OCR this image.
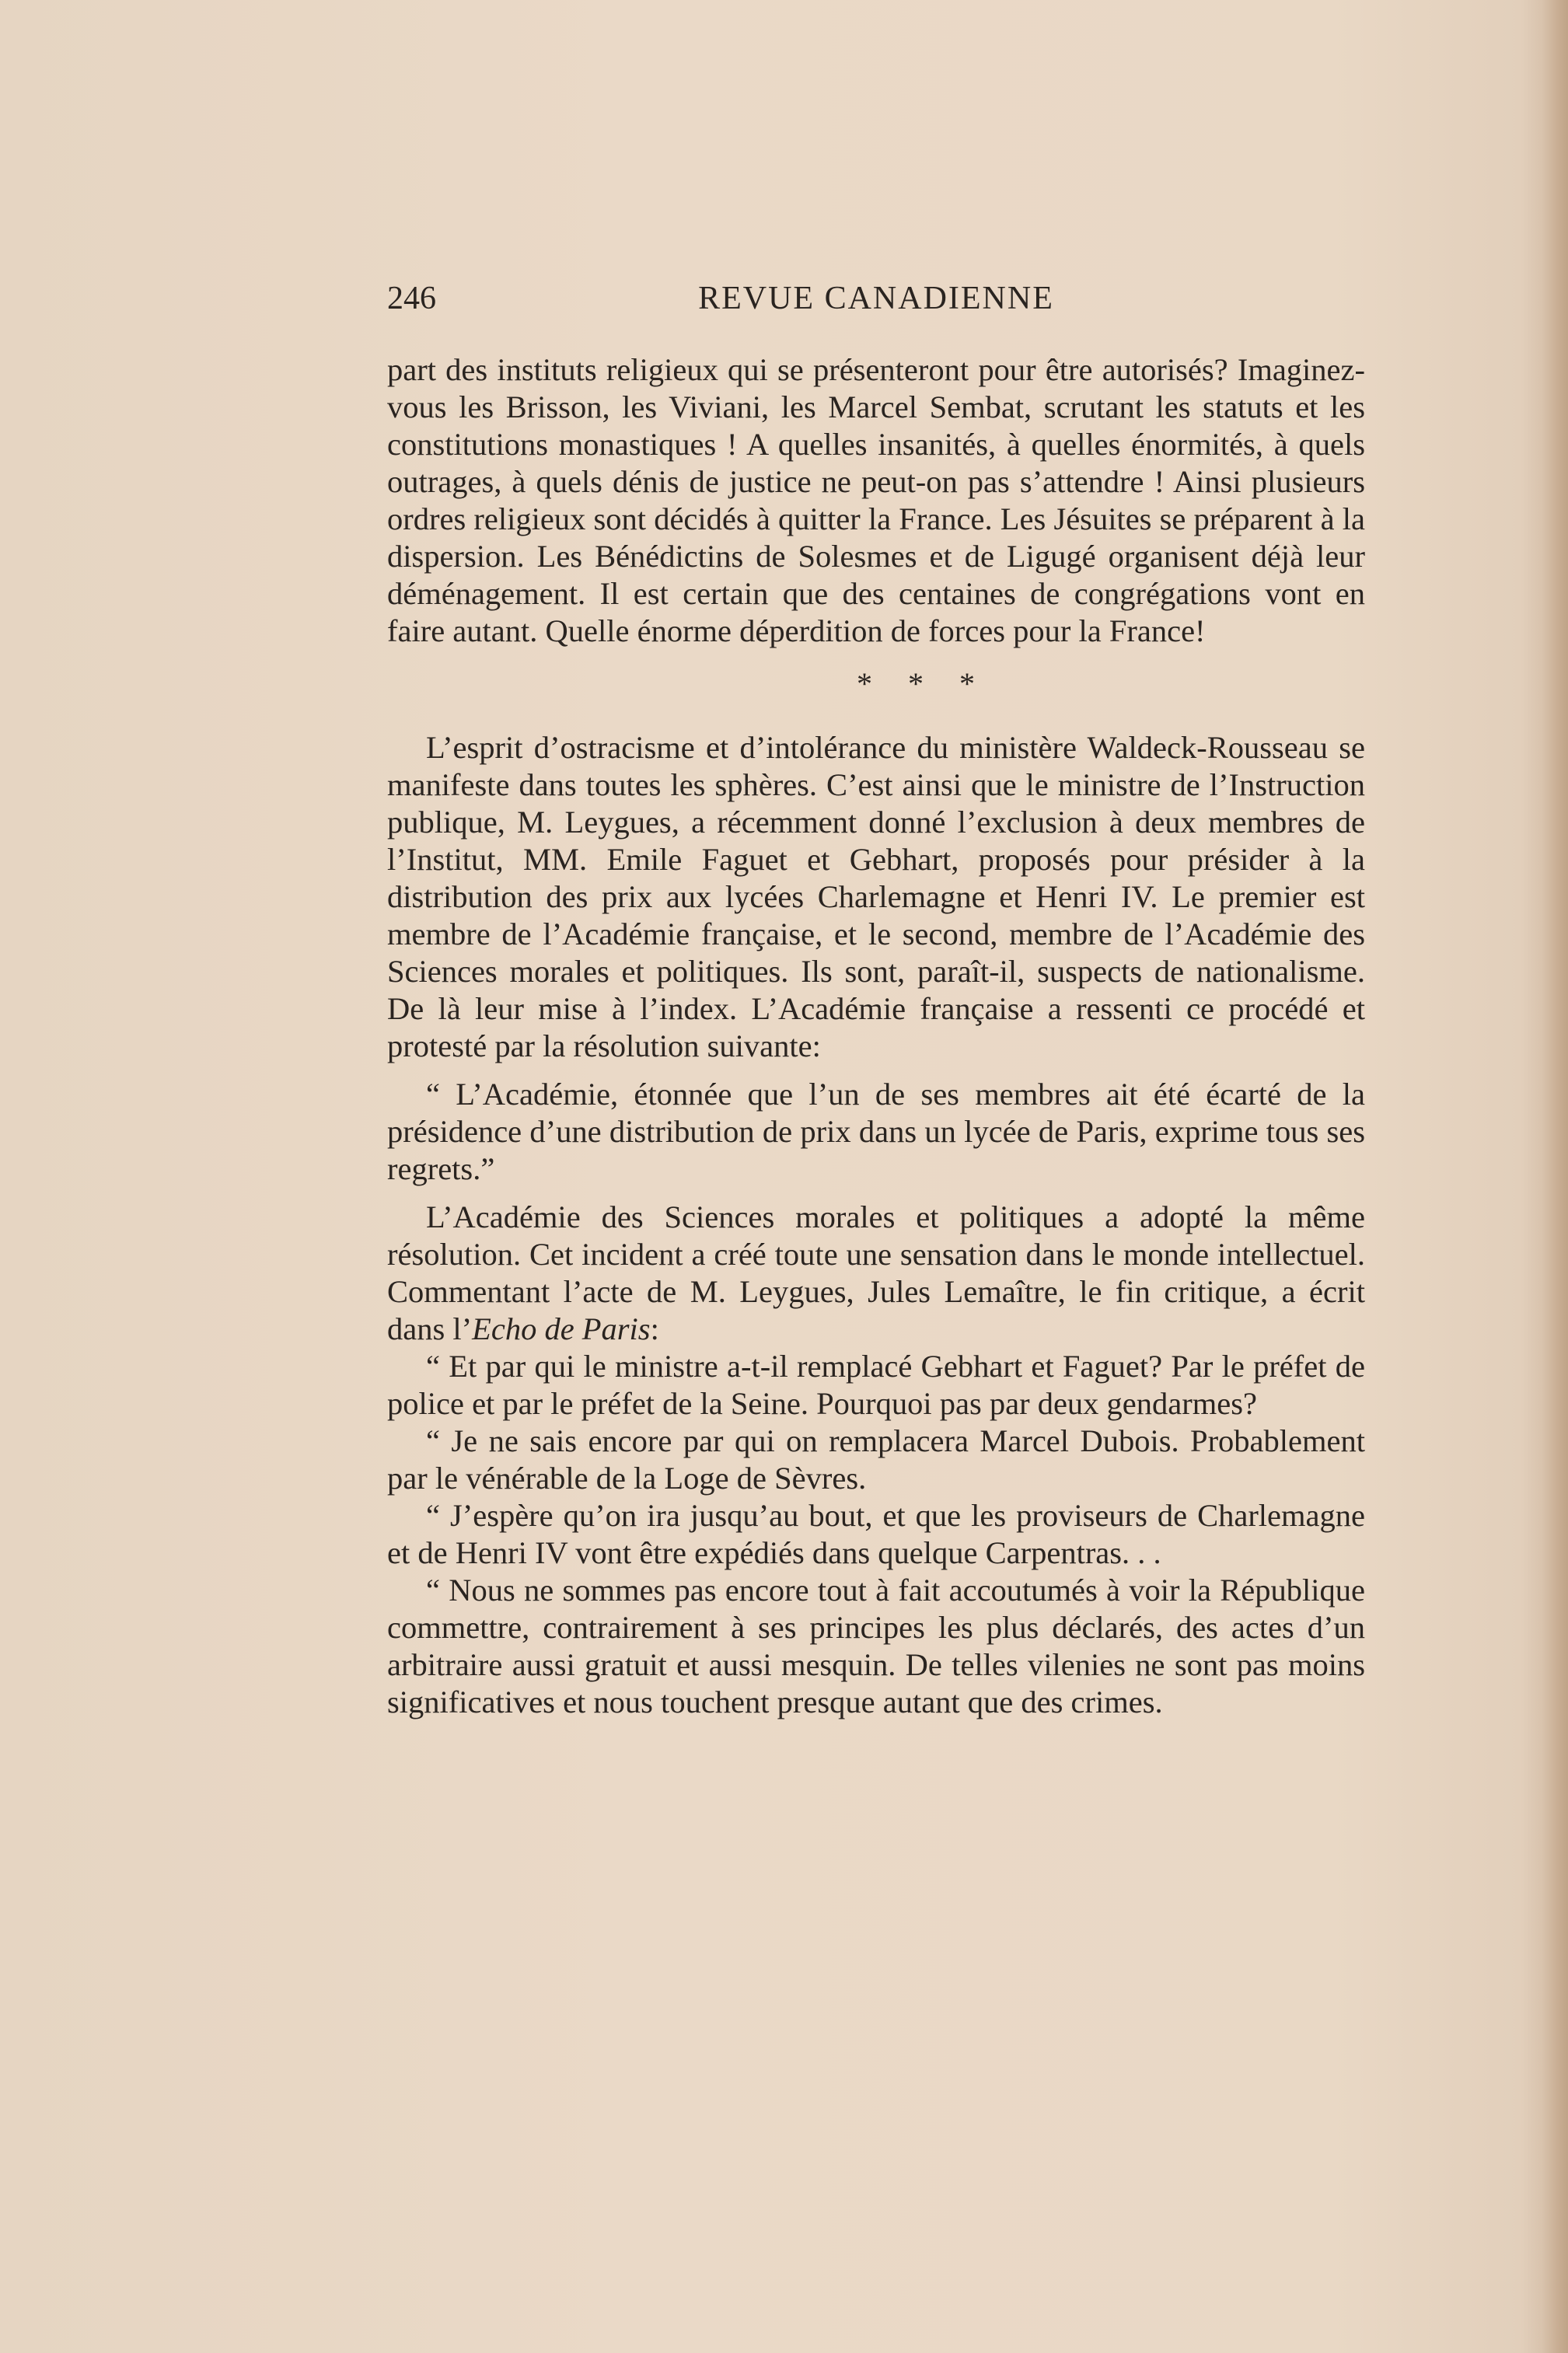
246	REVUE CANADIENNE

part des instituts religieux qui se présenteront pour être autorisés? Imaginez-vous les Brisson, les Viviani, les Marcel Sembat, scrutant les statuts et les constitutions monastiques ! A quelles insanités, à quelles énormités, à quels outrages, à quels dénis de justice ne peut-on pas s’attendre ! Ainsi plusieurs ordres religieux sont décidés à quitter la France. Les Jésuites se préparent à la dispersion. Les Bénédictins de Solesmes et de Ligugé organisent déjà leur déménagement. Il est certain que des centaines de congrégations vont en faire autant. Quelle énorme déperdition de forces pour la France!

* * *

L’esprit d’ostracisme et d’intolérance du ministère Waldeck-Rousseau se manifeste dans toutes les sphères. C’est ainsi que le ministre de l’Instruction publique, M. Leygues, a récemment donné l’exclusion à deux membres de l’Institut, MM. Emile Faguet et Gebhart, proposés pour présider à la distribution des prix aux lycées Charlemagne et Henri IV. Le premier est membre de l’Académie française, et le second, membre de l’Académie des Sciences morales et politiques. Ils sont, paraît-il, suspects de nationalisme. De là leur mise à l’index. L’Académie française a ressenti ce procédé et protesté par la résolution suivante:

“ L’Académie, étonnée que l’un de ses membres ait été écarté de la présidence d’une distribution de prix dans un lycée de Paris, exprime tous ses regrets.”

L’Académie des Sciences morales et politiques a adopté la même résolution. Cet incident a créé toute une sensation dans le monde intellectuel. Commentant l’acte de M. Leygues, Jules Lemaître, le fin critique, a écrit dans l’Echo de Paris:

“ Et par qui le ministre a-t-il remplacé Gebhart et Faguet? Par le préfet de police et par le préfet de la Seine. Pourquoi pas par deux gendarmes?

“ Je ne sais encore par qui on remplacera Marcel Dubois. Probablement par le vénérable de la Loge de Sèvres.

“ J’espère qu’on ira jusqu’au bout, et que les proviseurs de Charlemagne et de Henri IV vont être expédiés dans quelque Carpentras. . .

“ Nous ne sommes pas encore tout à fait accoutumés à voir la République commettre, contrairement à ses principes les plus déclarés, des actes d’un arbitraire aussi gratuit et aussi mesquin. De telles vilenies ne sont pas moins significatives et nous touchent presque autant que des crimes.
